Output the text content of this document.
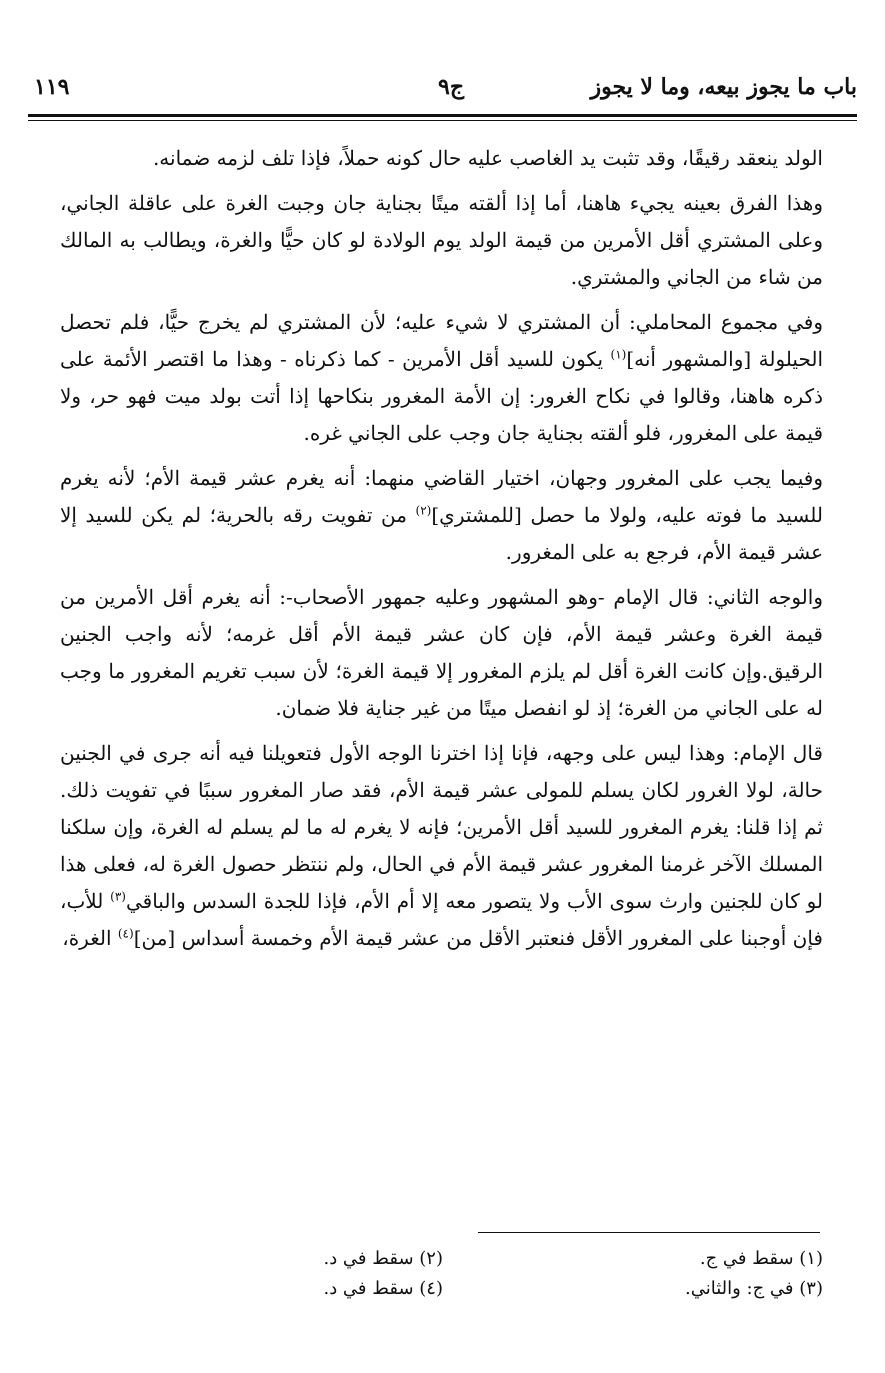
باب ما يجوز بيعه، وما لا يجوز
ج٩
١١٩

الولد ينعقد رقيقًا، وقد تثبت يد الغاصب عليه حال كونه حملاً، فإذا تلف لزمه ضمانه.

وهذا الفرق بعينه يجيء هاهنا، أما إذا ألقته ميتًا بجناية جان وجبت الغرة على عاقلة الجاني، وعلى المشتري أقل الأمرين من قيمة الولد يوم الولادة لو كان حيًّا والغرة، ويطالب به المالك من شاء من الجاني والمشتري.

وفي مجموع المحاملي: أن المشتري لا شيء عليه؛ لأن المشتري لم يخرج حيًّا، فلم تحصل الحيلولة [والمشهور أنه]$^{(١)}$ يكون للسيد أقل الأمرين - كما ذكرناه - وهذا ما اقتصر الأئمة على ذكره هاهنا، وقالوا في نكاح الغرور: إن الأمة المغرور بنكاحها إذا أتت بولد ميت فهو حر، ولا قيمة على المغرور، فلو ألقته بجناية جان وجب على الجاني غره.

وفيما يجب على المغرور وجهان، اختيار القاضي منهما: أنه يغرم عشر قيمة الأم؛ لأنه يغرم للسيد ما فوته عليه، ولولا ما حصل [للمشتري]$^{(٢)}$ من تفويت رقه بالحرية؛ لم يكن للسيد إلا عشر قيمة الأم، فرجع به على المغرور.

والوجه الثاني: قال الإمام -وهو المشهور وعليه جمهور الأصحاب-: أنه يغرم أقل الأمرين من قيمة الغرة وعشر قيمة الأم، فإن كان عشر قيمة الأم أقل غرمه؛ لأنه واجب الجنين الرقيق.وإن كانت الغرة أقل لم يلزم المغرور إلا قيمة الغرة؛ لأن سبب تغريم المغرور ما وجب له على الجاني من الغرة؛ إذ لو انفصل ميتًا من غير جناية فلا ضمان.

قال الإمام: وهذا ليس على وجهه، فإنا إذا اخترنا الوجه الأول فتعويلنا فيه أنه جرى في الجنين حالة، لولا الغرور لكان يسلم للمولى عشر قيمة الأم، فقد صار المغرور سببًا في تفويت ذلك. ثم إذا قلنا: يغرم المغرور للسيد أقل الأمرين؛ فإنه لا يغرم له ما لم يسلم له الغرة، وإن سلكنا المسلك الآخر غرمنا المغرور عشر قيمة الأم في الحال، ولم ننتظر حصول الغرة له، فعلى هذا لو كان للجنين وارث سوى الأب ولا يتصور معه إلا أم الأم، فإذا للجدة السدس والباقي$^{(٣)}$ للأب، فإن أوجبنا على المغرور الأقل فنعتبر الأقل من عشر قيمة الأم وخمسة أسداس [من]$^{(٤)}$ الغرة،

(١) سقط في ج.
(٢) سقط في د.
(٣) في ج: والثاني.
(٤) سقط في د.
